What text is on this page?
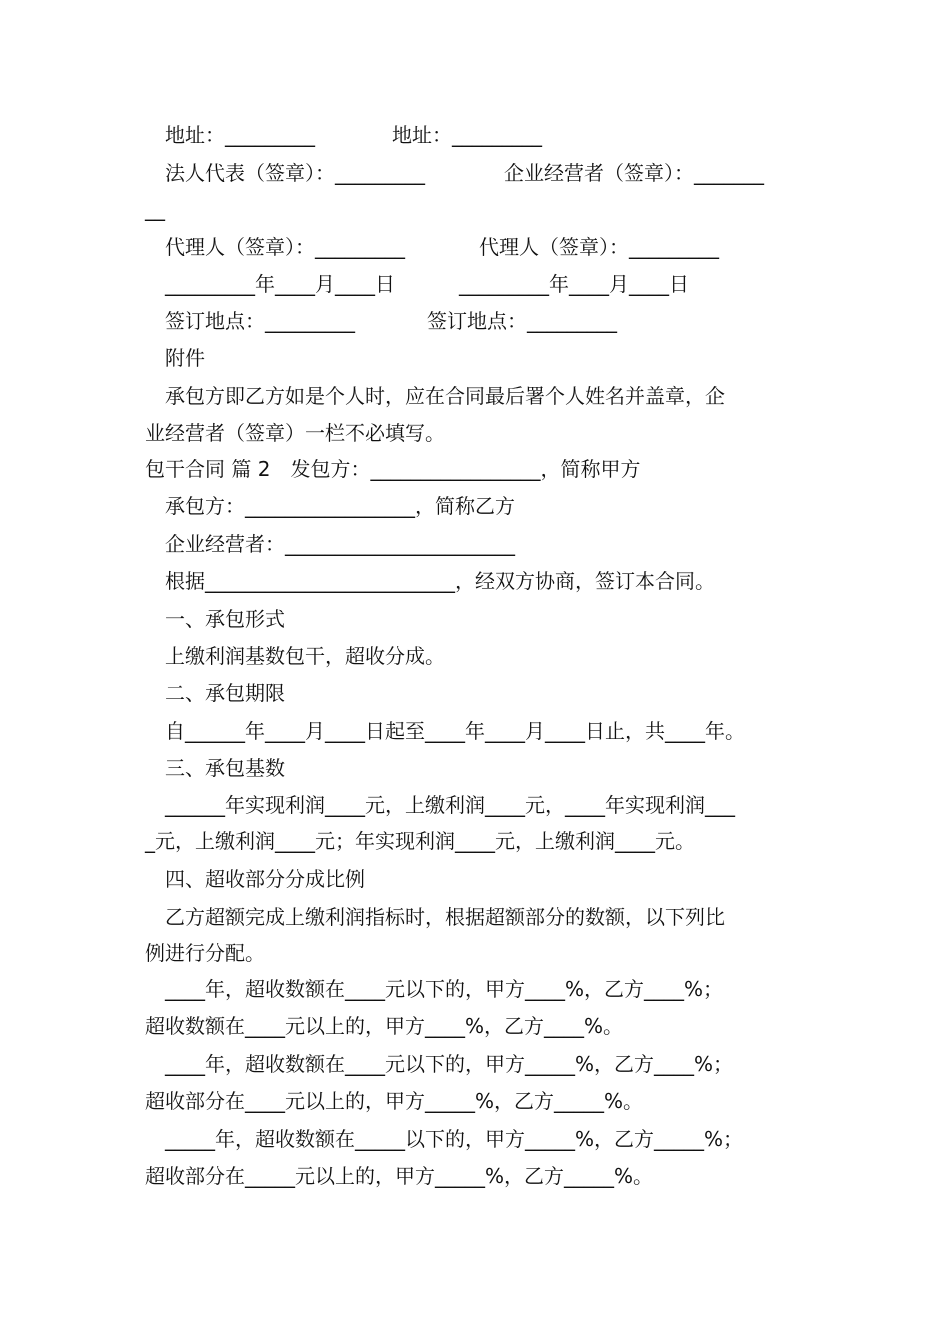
地址：_________	地址：_________
法人代表（签章）：_________	企业经营者（签章）：_______
__
代理人（签章）：_________	代理人（签章）：_________
_________年____月____日	_________年____月____日
签订地点：_________	签订地点：_________
附件
承包方即乙方如是个人时，应在合同最后署个人姓名并盖章，企
业经营者（签章）一栏不必填写。
包干合同 篇 2　发包方：_________________，简称甲方
承包方：_________________，简称乙方
企业经营者：_______________________
根据_________________________，经双方协商，签订本合同。
一、承包形式
上缴利润基数包干，超收分成。
二、承包期限
自______年____月____日起至____年____月____日止，共____年。
三、承包基数
______年实现利润____元，上缴利润____元，____年实现利润___
_元，上缴利润____元；年实现利润____元，上缴利润____元。
四、超收部分分成比例
乙方超额完成上缴利润指标时，根据超额部分的数额，以下列比
例进行分配。
____年，超收数额在____元以下的，甲方____%，乙方____%；
超收数额在____元以上的，甲方____%，乙方____%。
____年，超收数额在____元以下的，甲方_____%，乙方____%；
超收部分在____元以上的，甲方_____%，乙方_____%。
_____年，超收数额在_____以下的，甲方_____%，乙方_____%；
超收部分在_____元以上的，甲方_____%，乙方_____%。
